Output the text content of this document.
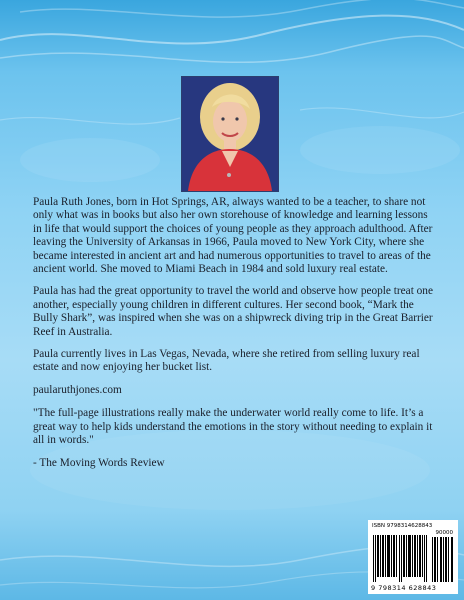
Paula Ruth Jones, born in Hot Springs, AR, always wanted to be a teacher, to share not only what was in books but also her own storehouse of knowledge and learning lessons in life that would support the choices of young people as they approach adulthood. After leaving the University of Arkansas in 1966, Paula moved to New York City, where she became interested in ancient art and had numerous opportunities to travel to areas of the ancient world. She moved to Miami Beach in 1984 and sold luxury real estate.

Paula has had the great opportunity to travel the world and observe how people treat one another, especially young children in different cultures. Her second book, “Mark the Bully Shark”, was inspired when she was on a shipwreck diving trip in the Great Barrier Reef in Australia.

Paula currently lives in Las Vegas, Nevada, where she retired from selling luxury real estate and now enjoying her bucket list.

paularuthjones.com

"The full-page illustrations really make the underwater world really come to life. It’s a great way to help kids understand the emotions in the story without needing to explain it all in words."

- The Moving Words Review

ISBN 9798314628843
90000
9 798314 628843
